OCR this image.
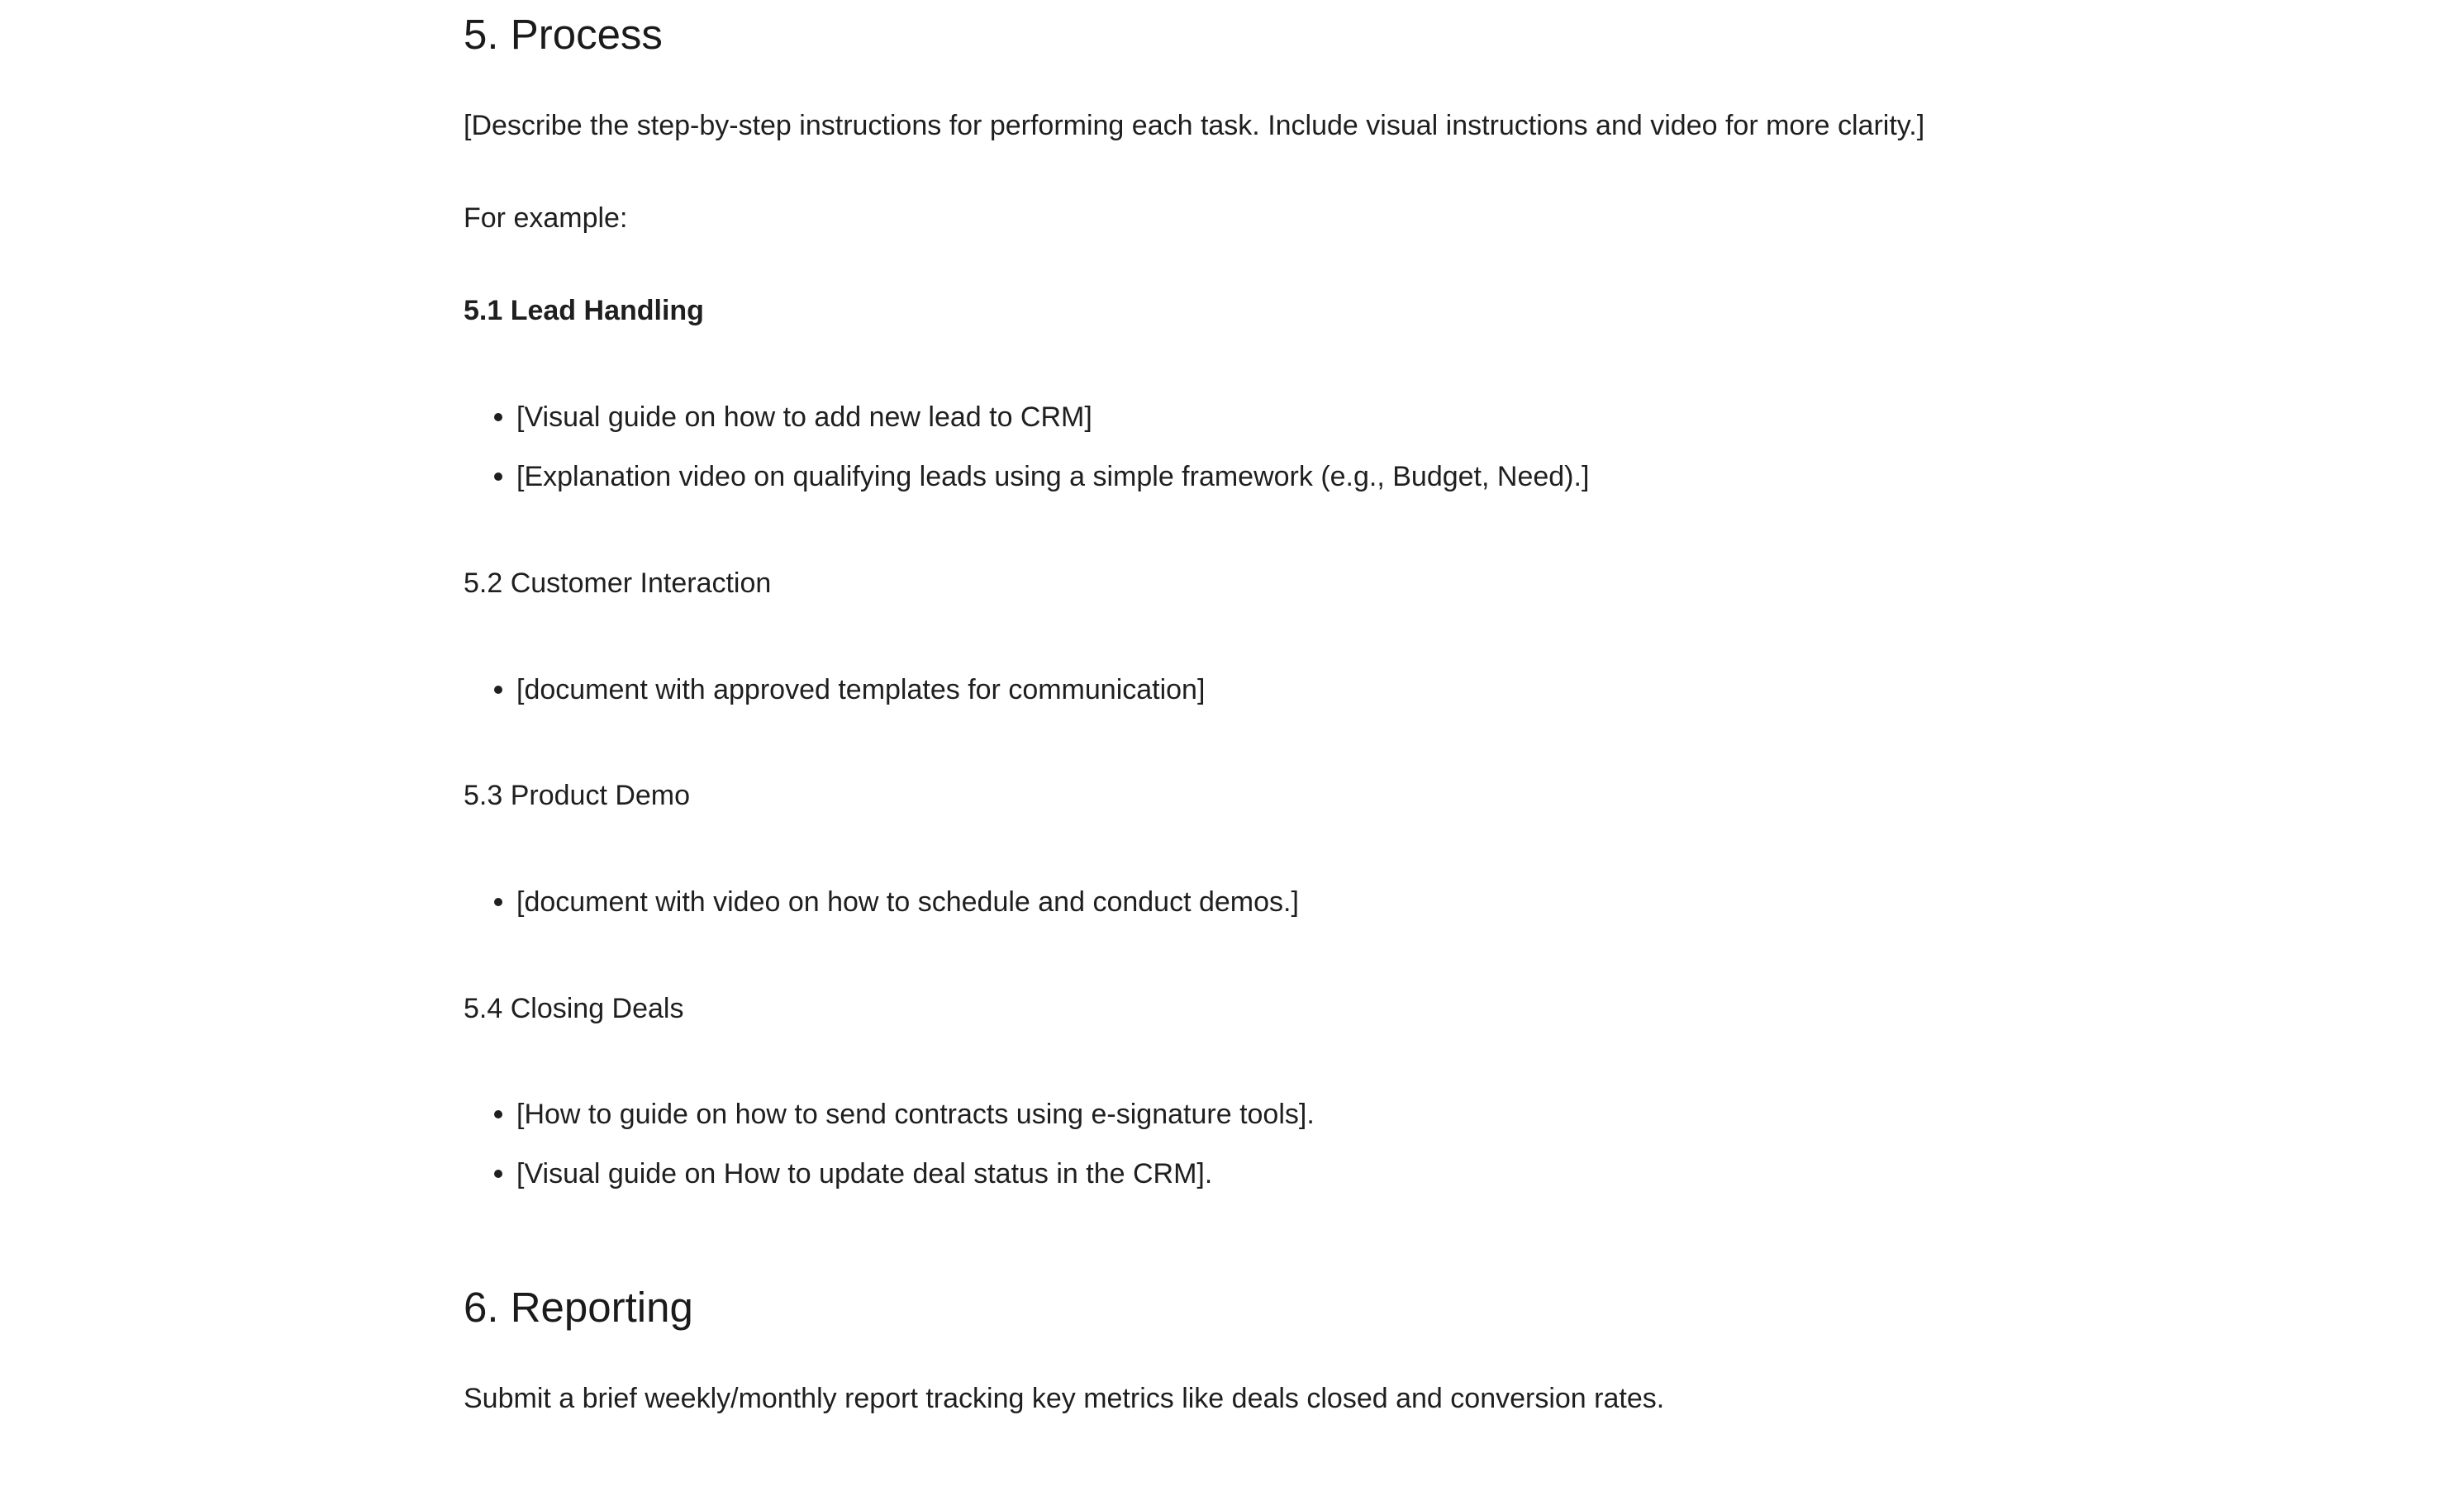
5. Process

[Describe the step-by-step instructions for performing each task. Include visual instructions and video for more clarity.]

For example:

5.1 Lead Handling

[Visual guide on how to add new lead to CRM]
[Explanation video on qualifying leads using a simple framework (e.g., Budget, Need).]

5.2 Customer Interaction

[document with approved templates for communication]

5.3 Product Demo

[document with video on how to schedule and conduct demos.]

5.4 Closing Deals

[How to guide on how to send contracts using e-signature tools].
[Visual guide on How to update deal status in the CRM].
6. Reporting

Submit a brief weekly/monthly report tracking key metrics like deals closed and conversion rates.
